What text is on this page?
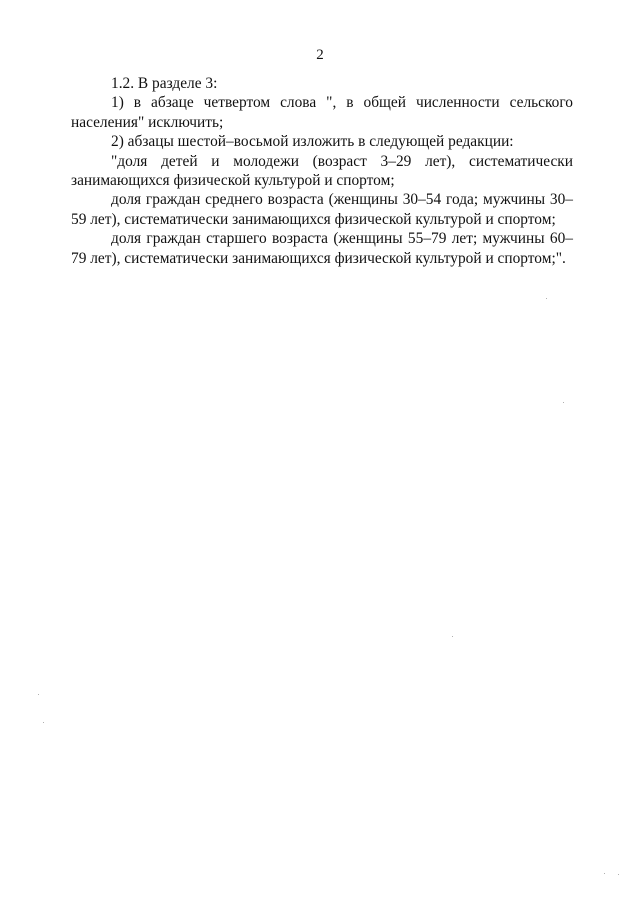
2

1.2. В разделе 3:

1) в абзаце четвертом слова ", в общей численности сельского населения" исключить;

2) абзацы шестой–восьмой изложить в следующей редакции:

"доля детей и молодежи (возраст 3–29 лет), систематически занимающихся физической культурой и спортом;

доля граждан среднего возраста (женщины 30–54 года; мужчины 30–59 лет), систематически занимающихся физической культурой и спортом;

доля граждан старшего возраста (женщины 55–79 лет; мужчины 60–79 лет), систематически занимающихся физической культурой и спортом;".
